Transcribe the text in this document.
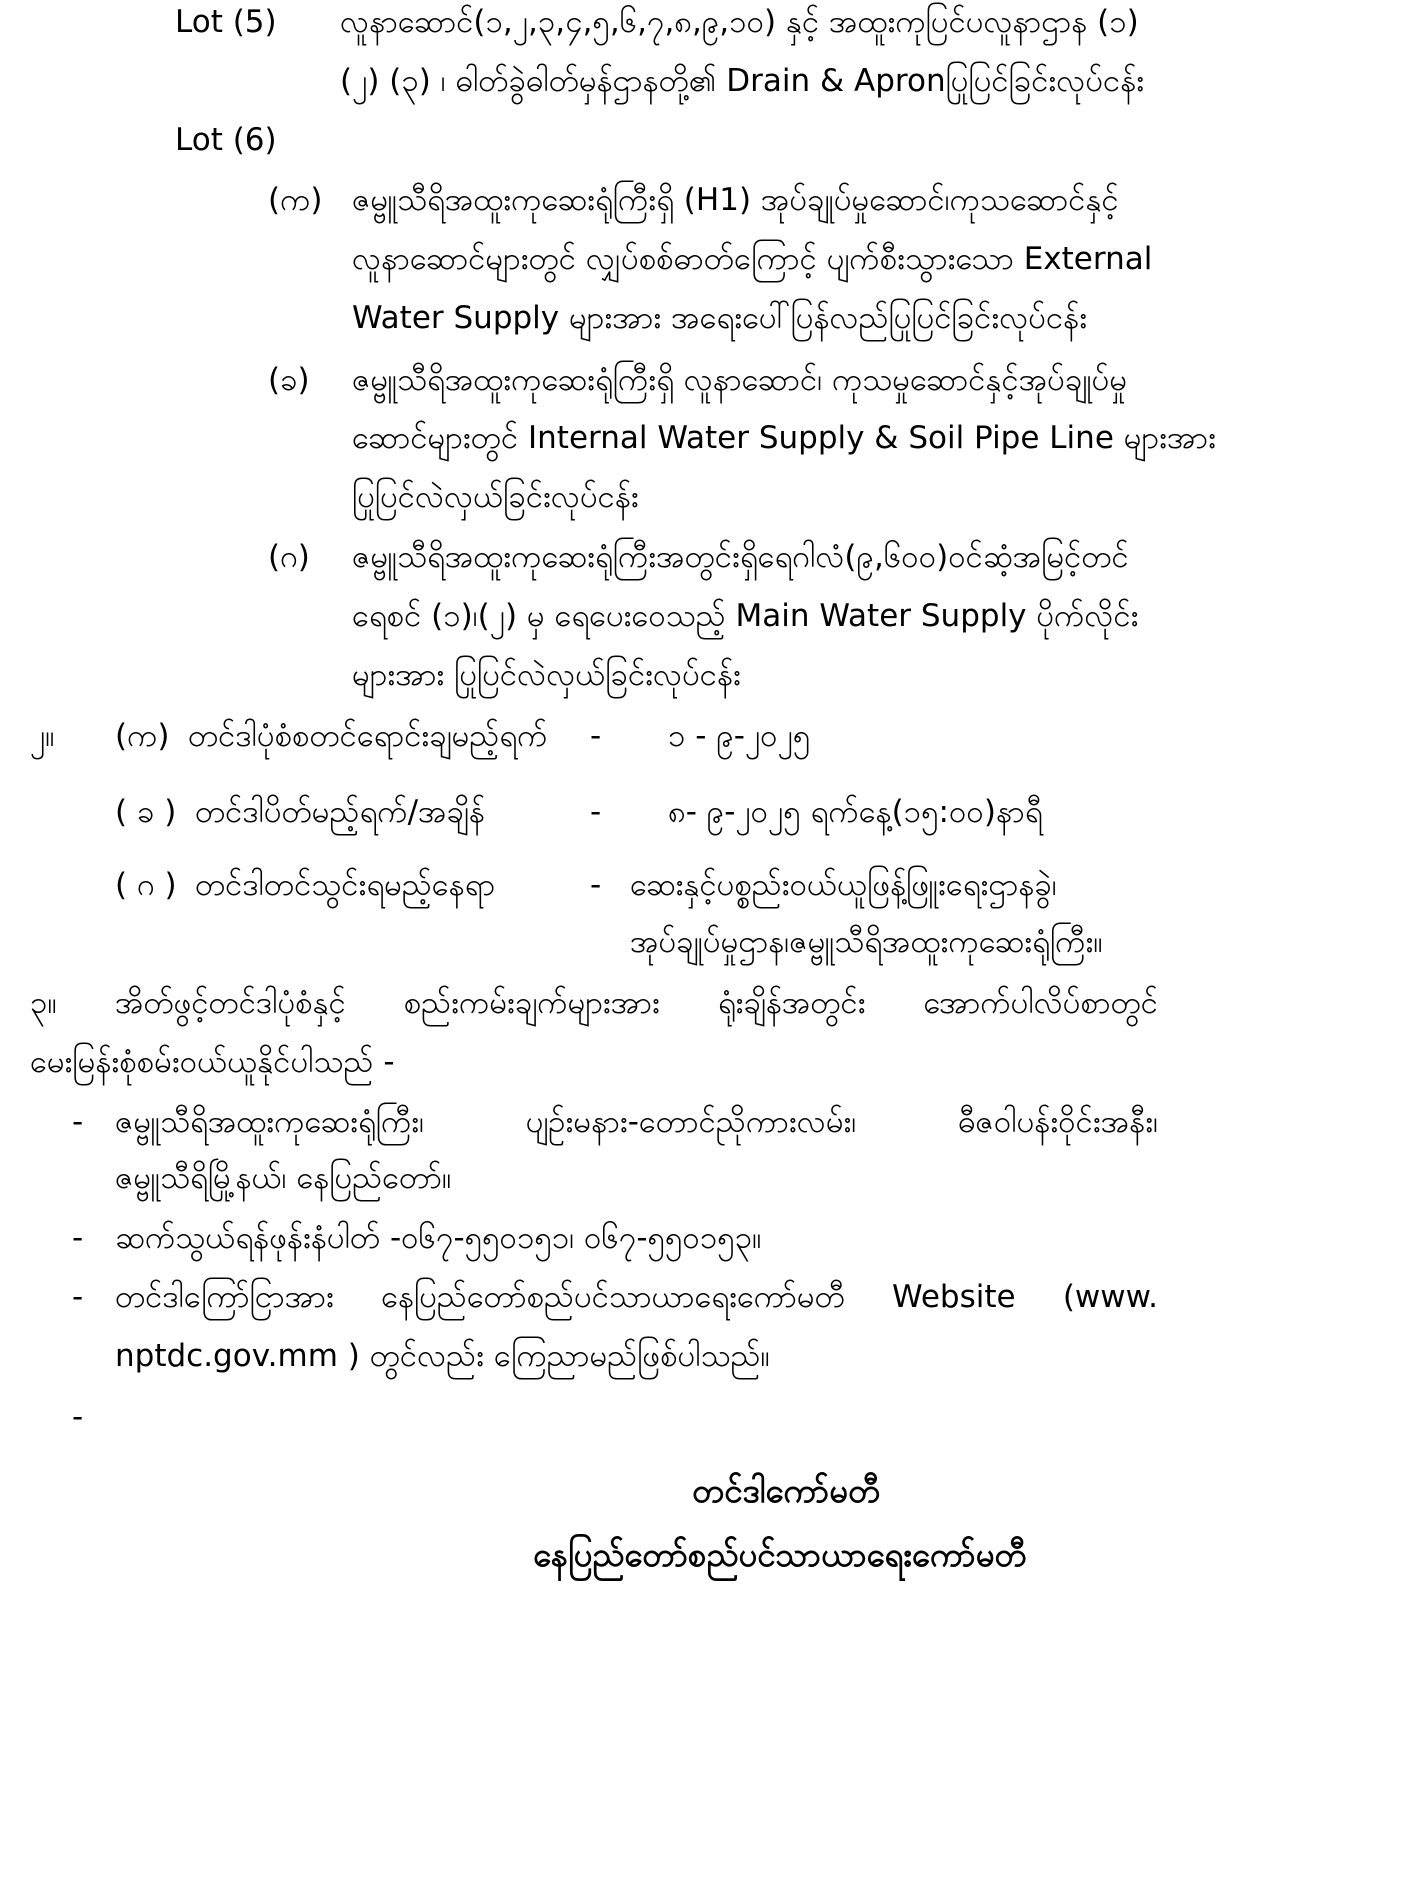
Lot (5) လူနာဆောင်(၁,၂,၃,၄,၅,၆,၇,၈,၉,၁၀) နှင့် အထူးကုပြင်ပလူနာဌာန (၁)
(၂) (၃) ၊ ဓါတ်ခွဲဓါတ်မှန်ဌာနတို့၏ Drain & Apronပြုပြင်ခြင်းလုပ်ငန်း
Lot (6)
(က) ဇမ္ဗူသီရိအထူးကုဆေးရုံကြီးရှိ (H1) အုပ်ချုပ်မှုဆောင်၊ကုသဆောင်နှင့်
လူနာဆောင်များတွင် လျှပ်စစ်ဓာတ်ကြောင့် ပျက်စီးသွားသော External
Water Supply များအား အရေးပေါ်ပြန်လည်ပြုပြင်ခြင်းလုပ်ငန်း
(ခ) ဇမ္ဗူသီရိအထူးကုဆေးရုံကြီးရှိ လူနာဆောင်၊ ကုသမှုဆောင်နှင့်အုပ်ချုပ်မှု
ဆောင်များတွင် Internal Water Supply & Soil Pipe Line များအား
ပြုပြင်လဲလှယ်ခြင်းလုပ်ငန်း
(ဂ) ဇမ္ဗူသီရိအထူးကုဆေးရုံကြီးအတွင်းရှိရေဂါလံ(၉,၆၀၀)ဝင်ဆံ့အမြင့်တင်
ရေစင် (၁)၊(၂) မှ ရေပေးဝေသည့် Main Water Supply ပိုက်လိုင်း
များအား ပြုပြင်လဲလှယ်ခြင်းလုပ်ငန်း
၂။ (က) တင်ဒါပုံစံစတင်ရောင်းချမည့်ရက် - ၁ - ၉-၂၀၂၅
( ခ ) တင်ဒါပိတ်မည့်ရက်/အချိန်	- ၈- ၉-၂၀၂၅ ရက်နေ့(၁၅:၀၀)နာရီ
( ဂ ) တင်ဒါတင်သွင်းရမည့်နေရာ	- ဆေးနှင့်ပစ္စည်းဝယ်ယူဖြန့်ဖြူးရေးဌာနခွဲ၊
အုပ်ချုပ်မှုဌာန၊ဇမ္ဗူသီရိအထူးကုဆေးရုံကြီး။
၃။ အိတ်ဖွင့်တင်ဒါပုံစံနှင့် စည်းကမ်းချက်များအား ရုံးချိန်အတွင်း အောက်ပါလိပ်စာတွင်
မေးမြန်းစုံစမ်းဝယ်ယူနိုင်ပါသည် -
- ဇမ္ဗူသီရိအထူးကုဆေးရုံကြီး၊	ပျဉ်းမနား-တောင်ညိုကားလမ်း၊	ဓီဇဝါပန်းဝိုင်းအနီး၊
ဇမ္ဗူသီရိမြို့နယ်၊ နေပြည်တော်။
- ဆက်သွယ်ရန်ဖုန်းနံပါတ် -၀၆၇-၅၅၀၁၅၁၊ ၀၆၇-၅၅၀၁၅၃။
- တင်ဒါကြော်ငြာအား နေပြည်တော်စည်ပင်သာယာရေးကော်မတီ Website (www.
nptdc.gov.mm ) တွင်လည်း ကြေညာမည်ဖြစ်ပါသည်။
-
တင်ဒါကော်မတီ
နေပြည်တော်စည်ပင်သာယာရေးကော်မတီ
